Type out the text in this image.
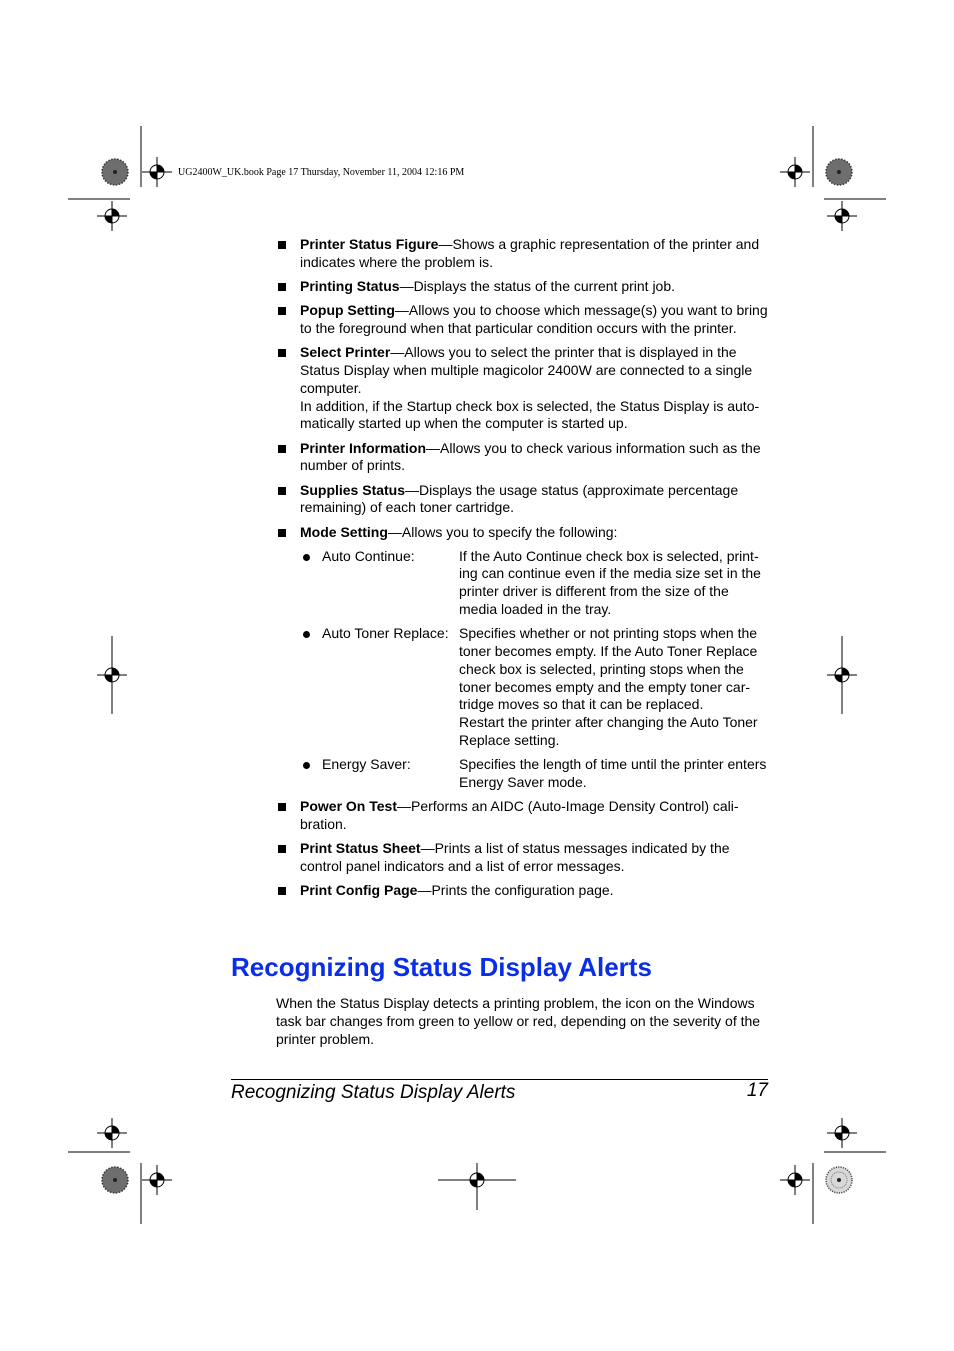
UG2400W_UK.book Page 17 Thursday, November 11, 2004 12:16 PM
Printer Status Figure—Shows a graphic representation of the printer and indicates where the problem is.
Printing Status—Displays the status of the current print job.
Popup Setting—Allows you to choose which message(s) you want to bring to the foreground when that particular condition occurs with the printer.
Select Printer—Allows you to select the printer that is displayed in the Status Display when multiple magicolor 2400W are connected to a single computer.
In addition, if the Startup check box is selected, the Status Display is auto-matically started up when the computer is started up.
Printer Information—Allows you to check various information such as the number of prints.
Supplies Status—Displays the usage status (approximate percentage remaining) of each toner cartridge.
Mode Setting—Allows you to specify the following:
Auto Continue:	If the Auto Continue check box is selected, print-ing can continue even if the media size set in the printer driver is different from the size of the media loaded in the tray.
Auto Toner Replace: Specifies whether or not printing stops when the toner becomes empty. If the Auto Toner Replace check box is selected, printing stops when the toner becomes empty and the empty toner car-tridge moves so that it can be replaced.
Restart the printer after changing the Auto Toner Replace setting.
Energy Saver:	Specifies the length of time until the printer enters Energy Saver mode.
Power On Test—Performs an AIDC (Auto-Image Density Control) cali-bration.
Print Status Sheet—Prints a list of status messages indicated by the control panel indicators and a list of error messages.
Print Config Page—Prints the configuration page.
Recognizing Status Display Alerts

When the Status Display detects a printing problem, the icon on the Windows task bar changes from green to yellow or red, depending on the severity of the printer problem.

Recognizing Status Display Alerts	17
